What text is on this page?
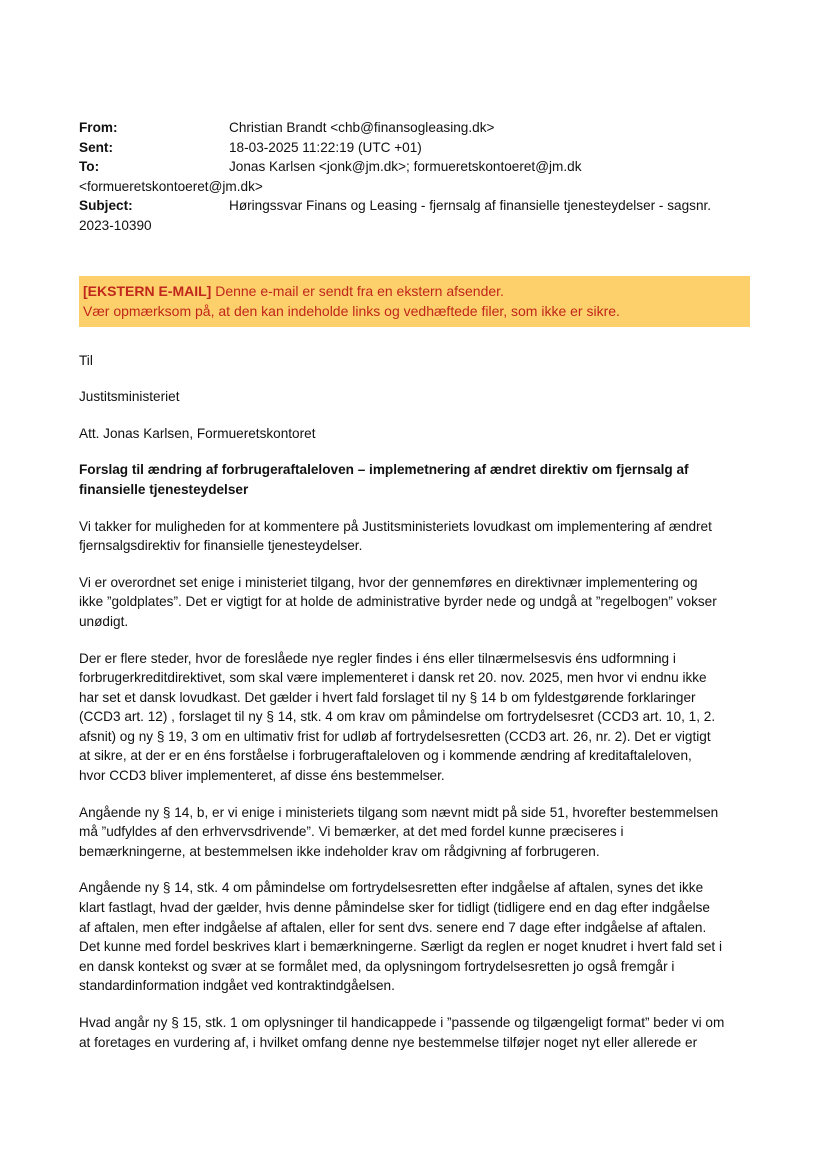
From:	Christian Brandt <chb@finansogleasing.dk>
Sent:	18-03-2025 11:22:19 (UTC +01)
To:	Jonas Karlsen <jonk@jm.dk>; formueretskontoeret@jm.dk
<formueretskontoeret@jm.dk>
Subject:	Høringssvar Finans og Leasing - fjernsalg af finansielle tjenesteydelser - sagsnr.
2023-10390
[EKSTERN E-MAIL] Denne e-mail er sendt fra en ekstern afsender.
Vær opmærksom på, at den kan indeholde links og vedhæftede filer, som ikke er sikre.

Til

Justitsministeriet

Att. Jonas Karlsen, Formueretskontoret

Forslag til ændring af forbrugeraftaleloven – implemetnering af ændret direktiv om fjernsalg af
finansielle tjenesteydelser

Vi takker for muligheden for at kommentere på Justitsministeriets lovudkast om implementering af ændret
fjernsalgsdirektiv for finansielle tjenesteydelser.

Vi er overordnet set enige i ministeriet tilgang, hvor der gennemføres en direktivnær implementering og
ikke ”goldplates”. Det er vigtigt for at holde de administrative byrder nede og undgå at ”regelbogen” vokser
unødigt.

Der er flere steder, hvor de foreslåede nye regler findes i éns eller tilnærmelsesvis éns udformning i
forbrugerkreditdirektivet, som skal være implementeret i dansk ret 20. nov. 2025, men hvor vi endnu ikke
har set et dansk lovudkast. Det gælder i hvert fald forslaget til ny § 14 b om fyldestgørende forklaringer
(CCD3 art. 12) , forslaget til ny § 14, stk. 4 om krav om påmindelse om fortrydelsesret (CCD3 art. 10, 1, 2.
afsnit) og ny § 19, 3 om en ultimativ frist for udløb af fortrydelsesretten (CCD3 art. 26, nr. 2). Det er vigtigt
at sikre, at der er en éns forståelse i forbrugeraftaleloven og i kommende ændring af kreditaftaleloven,
hvor CCD3 bliver implementeret, af disse éns bestemmelser.

Angående ny § 14, b, er vi enige i ministeriets tilgang som nævnt midt på side 51, hvorefter bestemmelsen
må ”udfyldes af den erhvervsdrivende”. Vi bemærker, at det med fordel kunne præciseres i
bemærkningerne, at bestemmelsen ikke indeholder krav om rådgivning af forbrugeren.

Angående ny § 14, stk. 4 om påmindelse om fortrydelsesretten efter indgåelse af aftalen, synes det ikke
klart fastlagt, hvad der gælder, hvis denne påmindelse sker for tidligt (tidligere end en dag efter indgåelse
af aftalen, men efter indgåelse af aftalen, eller for sent dvs. senere end 7 dage efter indgåelse af aftalen.
Det kunne med fordel beskrives klart i bemærkningerne. Særligt da reglen er noget knudret i hvert fald set i
en dansk kontekst og svær at se formålet med, da oplysningom fortrydelsesretten jo også fremgår i
standardinformation indgået ved kontraktindgåelsen.

Hvad angår ny § 15, stk. 1 om oplysninger til handicappede i ”passende og tilgængeligt format” beder vi om
at foretages en vurdering af, i hvilket omfang denne nye bestemmelse tilføjer noget nyt eller allerede er
